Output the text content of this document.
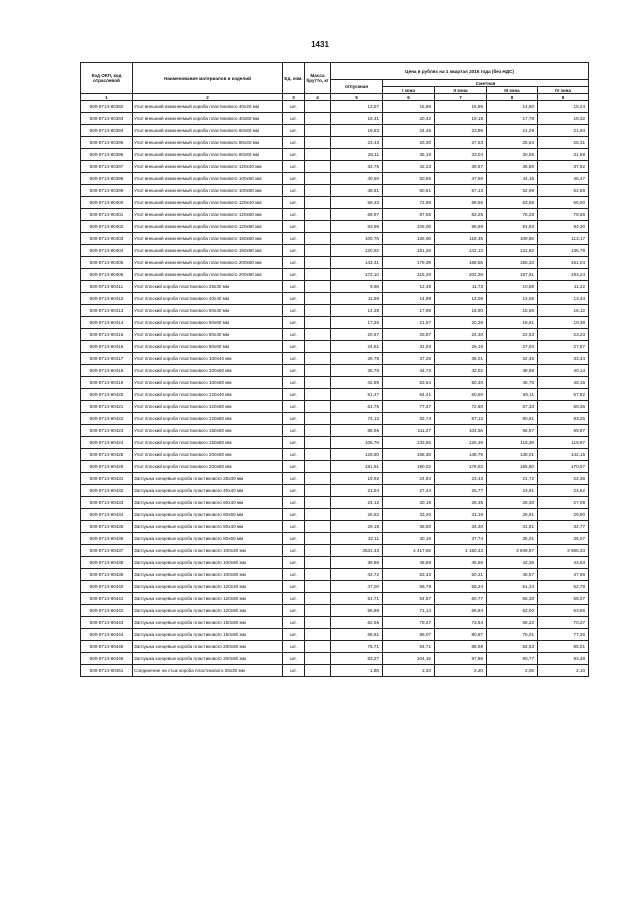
1431
Код ОКП, код отраслевой	Наименование материалов и изделий	Ед. изм.	Масса брутто, кг	Цена в рублях на 1 квартал 2016 года (без НДС)				
				отпускная	Сметная			
					I зона	II зона	III зона	IV зона
1	2	3	4	5	6	7	8	9
500-8714-90392	Угол внешний изменяемый короба пластикового 40х40 мм	шт.		13,57	16,96	15,95	14,80	15,24
500-8714-90393	Угол внешний изменяемый короба пластикового 40х60 мм	шт.		16,31	20,42	19,18	17,78	18,32
500-8714-90394	Угол внешний изменяемый короба пластикового 60х60 мм	шт.		19,53	24,45	22,96	21,29	21,94
500-8714-90395	Угол внешний изменяемый короба пластикового 80х40 мм	шт.		23,43	29,30	27,53	25,54	26,31
500-8714-90396	Угол внешний изменяемый короба пластикового 80х60 мм	шт.		28,11	35,19	33,04	30,65	31,58
500-8714-90397	Угол внешний изменяемый короба пластикового 120х40 мм	шт.		33,76	42,23	39,67	36,80	37,92
500-8714-90398	Угол внешний изменяемый короба пластикового 100х60 мм	шт.		40,50	50,65	47,60	44,15	45,47
500-8714-90399	Угол внешний изменяемый короба пластикового 100х80 мм	шт.		48,61	60,81	57,13	52,99	54,59
500-8714-90400	Угол внешний изменяемый короба пластикового 120х40 мм	шт.		58,33	72,96	68,55	63,58	65,50
500-8714-90401	Угол внешний изменяемый короба пластикового 120х60 мм	шт.		69,97	87,55	82,25	76,28	78,58
500-8714-90402	Угол внешний изменяемый короба пластикового 120х80 мм	шт.		83,96	105,05	98,69	91,53	94,30
500-8714-90403	Угол внешний изменяемый короба пластикового 150х60 мм	шт.		100,76	126,06	118,45	109,86	113,17
500-8714-90404	Угол внешний изменяемый короба пластикового 150х80 мм	шт.		120,92	151,28	142,13	131,82	135,78
500-8714-90405	Угол внешний изменяемый короба пластикового 200х60 мм	шт.		143,41	179,39	168,55	156,33	161,04
500-8714-90406	Угол внешний изменяемый короба пластикового 200х80 мм	шт.		172,10	215,29	202,28	187,61	193,24
500-8714-90411	Угол плоский короба пластикового 25х30 мм	шт.		9,98	12,48	11,73	10,88	11,22
500-8714-90412	Угол плоский короба пластикового 40х40 мм	шт.		11,98	14,99	14,08	13,06	13,44
500-8714-90413	Угол плоский короба пластикового 60х40 мм	шт.		14,38	17,98	16,90	15,66	16,12
500-8714-90414	Угол плоский короба пластикового 60х60 мм	шт.		17,25	21,57	20,28	18,81	19,38
500-8714-90415	Угол плоский короба пластикового 80х40 мм	шт.		20,67	25,87	24,30	22,53	23,23
500-8714-90416	Угол плоский короба пластикового 80х60 мм	шт.		24,81	31,03	29,16	27,04	27,87
500-8714-90417	Угол плоский короба пластикового 100х40 мм	шт.		29,78	37,26	35,01	32,46	33,44
500-8714-90418	Угол плоский короба пластикового 100х60 мм	шт.		35,75	44,72	42,02	38,98	40,14
500-8714-90419	Угол плоский короба пластикового 100х80 мм	шт.		42,89	53,64	50,40	46,76	48,15
500-8714-90420	Угол плоский короба пластикового 120х40 мм	шт.		51,47	64,41	60,50	56,11	57,82
500-8714-90421	Угол плоский короба пластикового 120х60 мм	шт.		61,76	77,27	72,60	67,33	69,35
500-8714-90422	Угол плоский короба пластикового 120х80 мм	шт.		74,13	92,74	87,13	80,81	83,25
500-8714-90423	Угол плоский короба пластикового 150х60 мм	шт.		88,96	111,27	104,56	96,97	99,87
500-8714-90424	Угол плоский короба пластикового 150х80 мм	шт.		106,76	133,55	125,49	116,38	119,87
500-8714-90425	Угол плоский короба пластикового 200х60 мм	шт.		126,60	158,35	148,79	138,01	142,15
500-8714-90426	Угол плоский короба пластикового 200х80 мм	шт.		151,91	190,02	178,53	165,60	170,57
500-8714-90431	Заглушка концевые короба пластикового 25х30 мм	шт.		19,92	24,94	23,43	21,72	22,38
500-8714-90432	Заглушка концевые короба пластикового 40х40 мм	шт.		21,94	27,44	25,77	23,91	24,62
500-8714-90433	Заглушка концевые короба пластикового 60х40 мм	шт.		24,12	30,18	28,35	26,30	27,09
500-8714-90434	Заглушка концевые короба пластикового 60х60 мм	шт.		26,52	33,20	31,18	28,91	29,80
500-8714-90435	Заглушка концевые короба пластикового 80х40 мм	шт.		29,18	36,50	34,30	31,81	32,77
500-8714-90436	Заглушка концевые короба пластикового 80х60 мм	шт.		32,11	40,16	37,74	35,01	36,07
500-8714-90437	Заглушка концевые короба пластикового 100х40 мм	шт.		3531,43	4 417,56	4 150,43	3 849,87	3 965,33
500-8714-90438	Заглушка концевые короба пластикового 100х60 мм	шт.		38,86	48,59	45,66	42,35	43,63
500-8714-90439	Заглушка концевые короба пластикового 100х80 мм	шт.		42,72	53,43	50,21	46,57	47,96
500-8714-90440	Заглушка концевые короба пластикового 120х40 мм	шт.		47,00	58,79	55,24	51,24	52,78
500-8714-90441	Заглушка концевые короба пластикового 120х60 мм	шт.		51,71	64,67	60,77	56,38	58,07
500-8714-90442	Заглушка концевые короба пластикового 120х80 мм	шт.		56,88	71,14	66,84	62,00	63,86
500-8714-90443	Заглушка концевые короба пластикового 150х60 мм	шт.		62,56	78,27	73,54	68,22	70,27
500-8714-90444	Заглушка концевые короба пластикового 150х80 мм	шт.		68,81	86,07	80,87	75,01	77,26
500-8714-90445	Заглушка концевые короба пластикового 200х60 мм	шт.		75,71	94,71	88,98	82,53	85,01
500-8714-90446	Заглушка концевые короба пластикового 200х80 мм	шт.		83,27	104,15	97,86	90,77	93,48
500-8714-90451	Соединение на стык короба пластикового 25х30 мм	шт.		1,88	2,34	2,20	2,05	2,10
